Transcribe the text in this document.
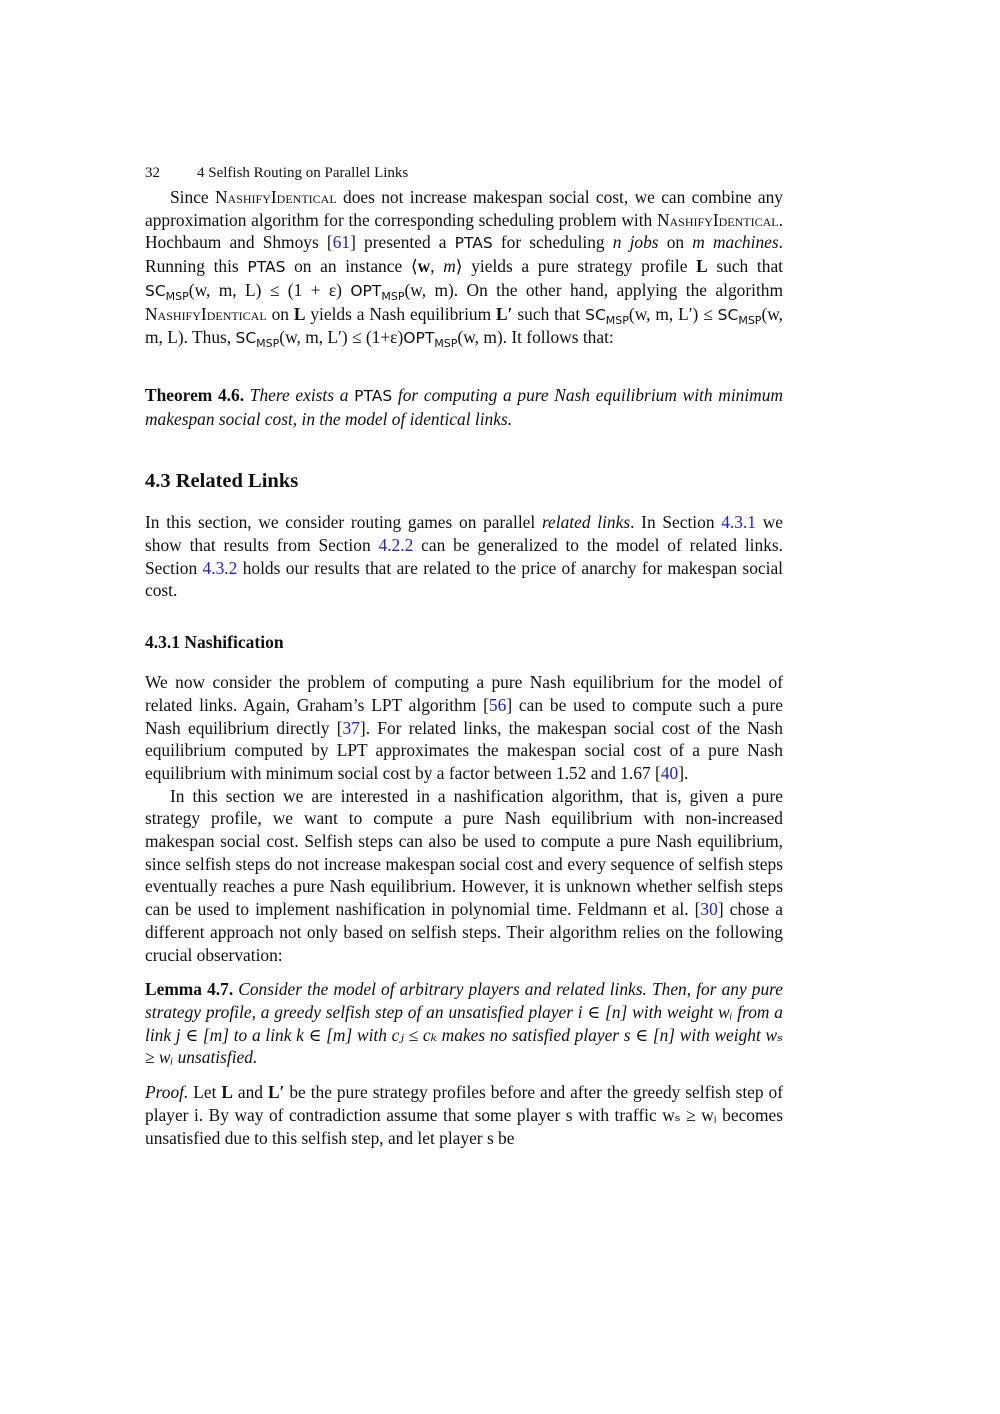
32 4 Selfish Routing on Parallel Links

Since NashifyIdentical does not increase makespan social cost, we can combine any approximation algorithm for the corresponding scheduling problem with NashifyIdentical. Hochbaum and Shmoys [61] presented a PTAS for scheduling n jobs on m machines. Running this PTAS on an instance ⟨w, m⟩ yields a pure strategy profile L such that $SC_{MSP}(w$, m, L) ≤ (1 + ε) $OPT_{MSP}(w$, m). On the other hand, applying the algorithm NashifyIdentical on L yields a Nash equilibrium L′ such that $SC_{MSP}(w$, m, $L') \le SC_{MSP}(w$, m, L). Thus, $SC_{MSP}(w$, m, $L') \le (1+\varepsilon)OPT_{MSP}(w$, m). It follows that:

Theorem 4.6. There exists a PTAS for computing a pure Nash equilibrium with minimum makespan social cost, in the model of identical links.

4.3 Related Links

In this section, we consider routing games on parallel related links. In Section 4.3.1 we show that results from Section 4.2.2 can be generalized to the model of related links. Section 4.3.2 holds our results that are related to the price of anarchy for makespan social cost.

4.3.1 Nashification

We now consider the problem of computing a pure Nash equilibrium for the model of related links. Again, Graham’s LPT algorithm [56] can be used to compute such a pure Nash equilibrium directly [37]. For related links, the makespan social cost of the Nash equilibrium computed by LPT approximates the makespan social cost of a pure Nash equilibrium with minimum social cost by a factor between 1.52 and 1.67 [40].

In this section we are interested in a nashification algorithm, that is, given a pure strategy profile, we want to compute a pure Nash equilibrium with non-increased makespan social cost. Selfish steps can also be used to compute a pure Nash equilibrium, since selfish steps do not increase makespan social cost and every sequence of selfish steps eventually reaches a pure Nash equilibrium. However, it is unknown whether selfish steps can be used to implement nashification in polynomial time. Feldmann et al. [30] chose a different approach not only based on selfish steps. Their algorithm relies on the following crucial observation:

Lemma 4.7. Consider the model of arbitrary players and related links. Then, for any pure strategy profile, a greedy selfish step of an unsatisfied player i ∈ [n] with weight wᵢ from a link j ∈ [m] to a link k ∈ [m] with cⱼ ≤ cₖ makes no satisfied player s ∈ [n] with weight wₛ ≥ wᵢ unsatisfied.

Proof. Let L and L′ be the pure strategy profiles before and after the greedy selfish step of player i. By way of contradiction assume that some player s with traffic wₛ ≥ wᵢ becomes unsatisfied due to this selfish step, and let player s be
